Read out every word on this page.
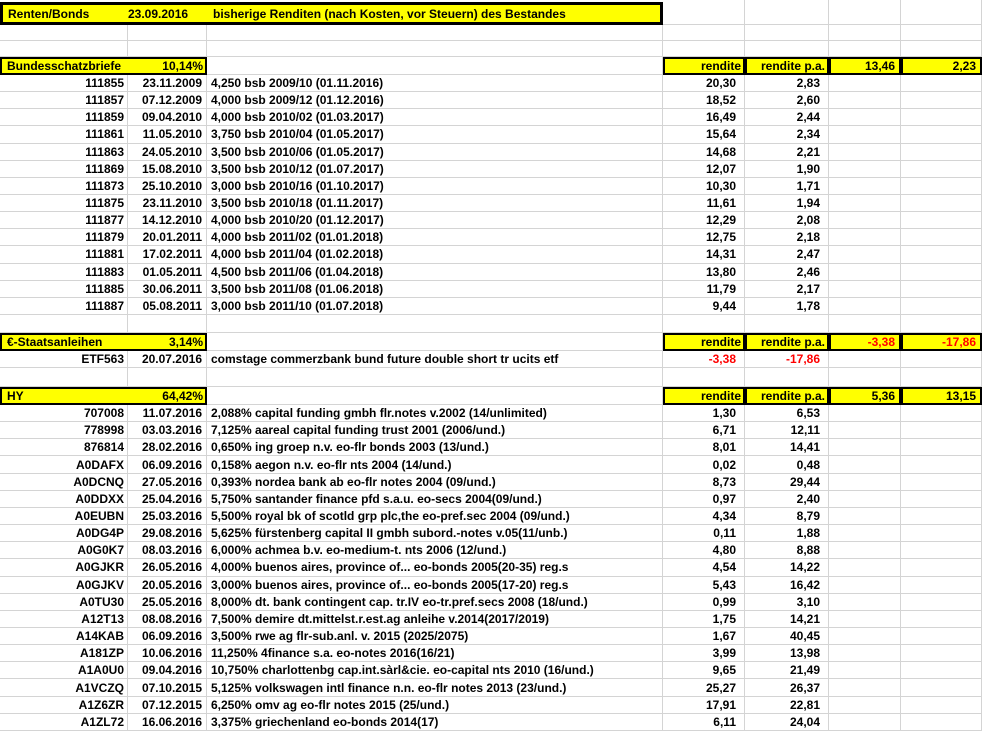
Renten/Bonds	23.09.2016	bisherige Renditen (nach Kosten, vor Steuern) des Bestandes
Bundesschatzbriefe	10,14%	rendite	rendite p.a.	13,46	2,23
111855	23.11.2009 4,250 bsb 2009/10 (01.11.2016)	20,30	2,83
111857	07.12.2009 4,000 bsb 2009/12 (01.12.2016)	18,52	2,60
111859	09.04.2010 4,000 bsb 2010/02 (01.03.2017)	16,49	2,44
111861	11.05.2010 3,750 bsb 2010/04 (01.05.2017)	15,64	2,34
111863	24.05.2010 3,500 bsb 2010/06 (01.05.2017)	14,68	2,21
111869	15.08.2010 3,500 bsb 2010/12 (01.07.2017)	12,07	1,90
111873	25.10.2010 3,000 bsb 2010/16 (01.10.2017)	10,30	1,71
111875	23.11.2010 3,500 bsb 2010/18 (01.11.2017)	11,61	1,94
111877	14.12.2010 4,000 bsb 2010/20 (01.12.2017)	12,29	2,08
111879	20.01.2011 4,000 bsb 2011/02 (01.01.2018)	12,75	2,18
111881	17.02.2011 4,000 bsb 2011/04 (01.02.2018)	14,31	2,47
111883	01.05.2011 4,500 bsb 2011/06 (01.04.2018)	13,80	2,46
111885	30.06.2011 3,500 bsb 2011/08 (01.06.2018)	11,79	2,17
111887	05.08.2011 3,000 bsb 2011/10 (01.07.2018)	9,44	1,78
€-Staatsanleihen	3,14%	rendite	rendite p.a.	-3,38	-17,86
ETF563	20.07.2016 comstage commerzbank bund future double short tr ucits etf	-3,38	-17,86
HY	64,42%	rendite	rendite p.a.	5,36	13,15
707008	11.07.2016 2,088% capital funding gmbh flr.notes v.2002 (14/unlimited)	1,30	6,53
778998	03.03.2016 7,125% aareal capital funding trust 2001 (2006/und.)	6,71	12,11
876814	28.02.2016 0,650% ing groep n.v. eo-flr bonds 2003 (13/und.)	8,01	14,41
A0DAFX	06.09.2016 0,158% aegon n.v. eo-flr nts 2004 (14/und.)	0,02	0,48
A0DCNQ	27.05.2016 0,393% nordea bank ab eo-flr notes 2004 (09/und.)	8,73	29,44
A0DDXX	25.04.2016 5,750% santander finance pfd s.a.u. eo-secs 2004(09/und.)	0,97	2,40
A0EUBN	25.03.2016 5,500% royal bk of scotld grp plc,the eo-pref.sec 2004 (09/und.)	4,34	8,79
A0DG4P	29.08.2016 5,625% fürstenberg capital II gmbh subord.-notes v.05(11/unb.)	0,11	1,88
A0G0K7	08.03.2016 6,000% achmea b.v. eo-medium-t. nts 2006 (12/und.)	4,80	8,88
A0GJKR	26.05.2016 4,000% buenos aires, province of... eo-bonds 2005(20-35) reg.s	4,54	14,22
A0GJKV	20.05.2016 3,000% buenos aires, province of... eo-bonds 2005(17-20) reg.s	5,43	16,42
A0TU30	25.05.2016 8,000% dt. bank contingent cap. tr.IV eo-tr.pref.secs 2008 (18/und.)	0,99	3,10
A12T13	08.08.2016 7,500% demire dt.mittelst.r.est.ag anleihe v.2014(2017/2019)	1,75	14,21
A14KAB	06.09.2016 3,500% rwe ag flr-sub.anl. v. 2015 (2025/2075)	1,67	40,45
A181ZP	10.06.2016 11,250% 4finance s.a. eo-notes 2016(16/21)	3,99	13,98
A1A0U0	09.04.2016 10,750% charlottenbg cap.int.sàrl&cie. eo-capital nts 2010 (16/und.)	9,65	21,49
A1VCZQ	07.10.2015 5,125% volkswagen intl finance n.n. eo-flr notes 2013 (23/und.)	25,27	26,37
A1Z6ZR	07.12.2015 6,250% omv ag eo-flr notes 2015 (25/und.)	17,91	22,81
A1ZL72	16.06.2016 3,375% griechenland eo-bonds 2014(17)	6,11	24,04
